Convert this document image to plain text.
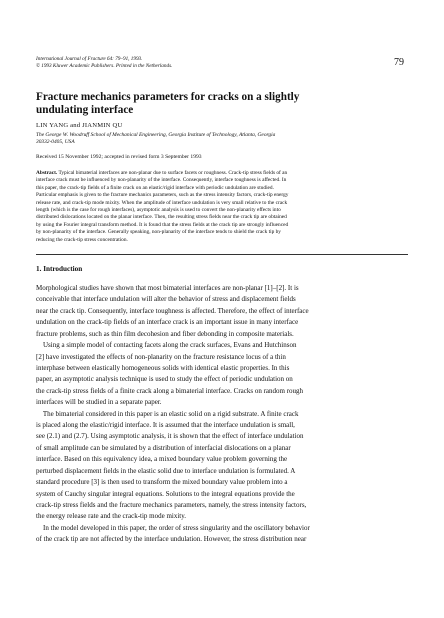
International Journal of Fracture 64: 79–91, 1993.
© 1993 Kluwer Academic Publishers. Printed in the Netherlands.	79
Fracture mechanics parameters for cracks on a slightly
undulating interface
LIN YANG and JIANMIN QU
The George W. Woodruff School of Mechanical Engineering, Georgia Institute of Technology, Atlanta, Georgia
30332-0405, USA
Received 15 November 1992; accepted in revised form 3 September 1993
Abstract. Typical bimaterial interfaces are non-planar due to surface facets or roughness. Crack-tip stress fields of an
interface crack must be influenced by non-planarity of the interface. Consequently, interface toughness is affected. In
this paper, the crack-tip fields of a finite crack on an elastic/rigid interface with periodic undulation are studied.
Particular emphasis is given to the fracture mechanics parameters, such as the stress intensity factors, crack-tip energy
release rate, and crack-tip mode mixity. When the amplitude of interface undulation is very small relative to the crack
length (which is the case for rough interfaces), asymptotic analysis is used to convert the non-planarity effects into
distributed dislocations located on the planar interface. Then, the resulting stress fields near the crack tip are obtained
by using the Fourier integral transform method. It is found that the stress fields at the crack tip are strongly influenced
by non-planarity of the interface. Generally speaking, non-planarity of the interface tends to shield the crack tip by
reducing the crack-tip stress concentration.
1. Introduction
Morphological studies have shown that most bimaterial interfaces are non-planar [1]–[2]. It is
conceivable that interface undulation will alter the behavior of stress and displacement fields
near the crack tip. Consequently, interface toughness is affected. Therefore, the effect of interface
undulation on the crack-tip fields of an interface crack is an important issue in many interface
fracture problems, such as thin film decohesion and fiber debonding in composite materials.
Using a simple model of contacting facets along the crack surfaces, Evans and Hutchinson
[2] have investigated the effects of non-planarity on the fracture resistance locus of a thin
interphase between elastically homogeneous solids with identical elastic properties. In this
paper, an asymptotic analysis technique is used to study the effect of periodic undulation on
the crack-tip stress fields of a finite crack along a bimaterial interface. Cracks on random rough
interfaces will be studied in a separate paper.
The bimaterial considered in this paper is an elastic solid on a rigid substrate. A finite crack
is placed along the elastic/rigid interface. It is assumed that the interface undulation is small,
see (2.1) and (2.7). Using asymptotic analysis, it is shown that the effect of interface undulation
of small amplitude can be simulated by a distribution of interfacial dislocations on a planar
interface. Based on this equivalency idea, a mixed boundary value problem governing the
perturbed displacement fields in the elastic solid due to interface undulation is formulated. A
standard procedure [3] is then used to transform the mixed boundary value problem into a
system of Cauchy singular integral equations. Solutions to the integral equations provide the
crack-tip stress fields and the fracture mechanics parameters, namely, the stress intensity factors,
the energy release rate and the crack-tip mode mixity.
In the model developed in this paper, the order of stress singularity and the oscillatory behavior
of the crack tip are not affected by the interface undulation. However, the stress distribution near
